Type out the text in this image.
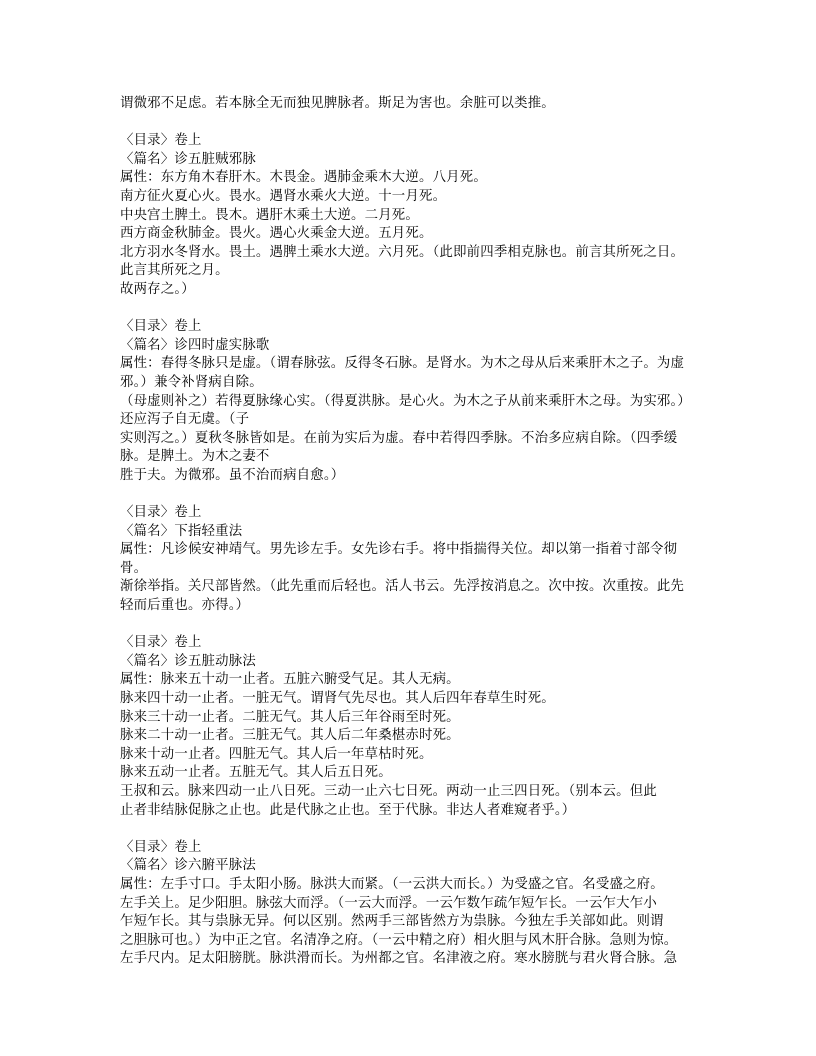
谓微邪不足虑。若本脉全无而独见脾脉者。斯足为害也。余脏可以类推。
〈目录〉卷上
〈篇名〉诊五脏贼邪脉
属性：东方角木春肝木。木畏金。遇肺金乘木大逆。八月死。
南方征火夏心火。畏水。遇肾水乘火大逆。十一月死。
中央宫土脾土。畏木。遇肝木乘土大逆。二月死。
西方商金秋肺金。畏火。遇心火乘金大逆。五月死。
北方羽水冬肾水。畏土。遇脾土乘水大逆。六月死。（此即前四季相克脉也。前言其所死之日。
此言其所死之月。
故两存之。）
〈目录〉卷上
〈篇名〉诊四时虚实脉歌
属性：春得冬脉只是虚。（谓春脉弦。反得冬石脉。是肾水。为木之母从后来乘肝木之子。为虚
邪。）兼令补肾病自除。
（母虚则补之）若得夏脉缘心实。（得夏洪脉。是心火。为木之子从前来乘肝木之母。为实邪。）
还应泻子自无虞。（子
实则泻之。）夏秋冬脉皆如是。在前为实后为虚。春中若得四季脉。不治多应病自除。（四季缓
脉。是脾土。为木之妻不
胜于夫。为微邪。虽不治而病自愈。）
〈目录〉卷上
〈篇名〉下指轻重法
属性：凡诊候安神靖气。男先诊左手。女先诊右手。将中指揣得关位。却以第一指着寸部令彻
骨。
渐徐举指。关尺部皆然。（此先重而后轻也。活人书云。先浮按消息之。次中按。次重按。此先
轻而后重也。亦得。）
〈目录〉卷上
〈篇名〉诊五脏动脉法
属性：脉来五十动一止者。五脏六腑受气足。其人无病。
脉来四十动一止者。一脏无气。谓肾气先尽也。其人后四年春草生时死。
脉来三十动一止者。二脏无气。其人后三年谷雨至时死。
脉来二十动一止者。三脏无气。其人后二年桑椹赤时死。
脉来十动一止者。四脏无气。其人后一年草枯时死。
脉来五动一止者。五脏无气。其人后五日死。
王叔和云。脉来四动一止八日死。三动一止六七日死。两动一止三四日死。（别本云。但此
止者非结脉促脉之止也。此是代脉之止也。至于代脉。非达人者难窥者乎。）
〈目录〉卷上
〈篇名〉诊六腑平脉法
属性：左手寸口。手太阳小肠。脉洪大而紧。（一云洪大而长。）为受盛之官。名受盛之府。
左手关上。足少阳胆。脉弦大而浮。（一云大而浮。一云乍数乍疏乍短乍长。一云乍大乍小
乍短乍长。其与祟脉无异。何以区别。然两手三部皆然方为祟脉。今独左手关部如此。则谓
之胆脉可也。）为中正之官。名清净之府。（一云中精之府）相火胆与风木肝合脉。急则为惊。
左手尺内。足太阳膀胱。脉洪滑而长。为州都之官。名津液之府。寒水膀胱与君火肾合脉。急
